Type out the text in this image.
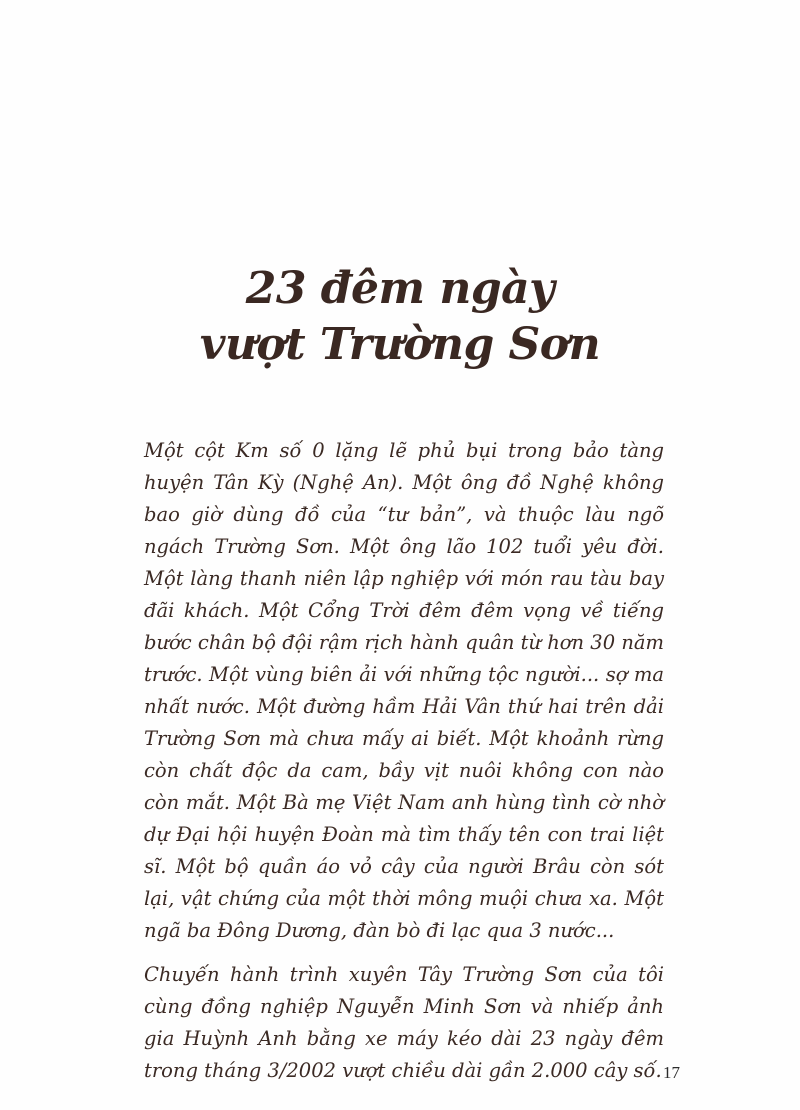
23 đêm ngày
vượt Trường Sơn

Một cột Km số 0 lặng lẽ phủ bụi trong bảo tàng huyện Tân Kỳ (Nghệ An). Một ông đồ Nghệ không bao giờ dùng đồ của “tư bản”, và thuộc làu ngõ ngách Trường Sơn. Một ông lão 102 tuổi yêu đời. Một làng thanh niên lập nghiệp với món rau tàu bay đãi khách. Một Cổng Trời đêm đêm vọng về tiếng bước chân bộ đội rậm rịch hành quân từ hơn 30 năm trước. Một vùng biên ải với những tộc người... sợ ma nhất nước. Một đường hầm Hải Vân thứ hai trên dải Trường Sơn mà chưa mấy ai biết. Một khoảnh rừng còn chất độc da cam, bầy vịt nuôi không con nào còn mắt. Một Bà mẹ Việt Nam anh hùng tình cờ nhờ dự Đại hội huyện Đoàn mà tìm thấy tên con trai liệt sĩ. Một bộ quần áo vỏ cây của người Brâu còn sót lại, vật chứng của một thời mông muội chưa xa. Một ngã ba Đông Dương, đàn bò đi lạc qua 3 nước...

Chuyến hành trình xuyên Tây Trường Sơn của tôi cùng đồng nghiệp Nguyễn Minh Sơn và nhiếp ảnh gia Huỳnh Anh bằng xe máy kéo dài 23 ngày đêm trong tháng 3/2002 vượt chiều dài gần 2.000 cây số. 17
